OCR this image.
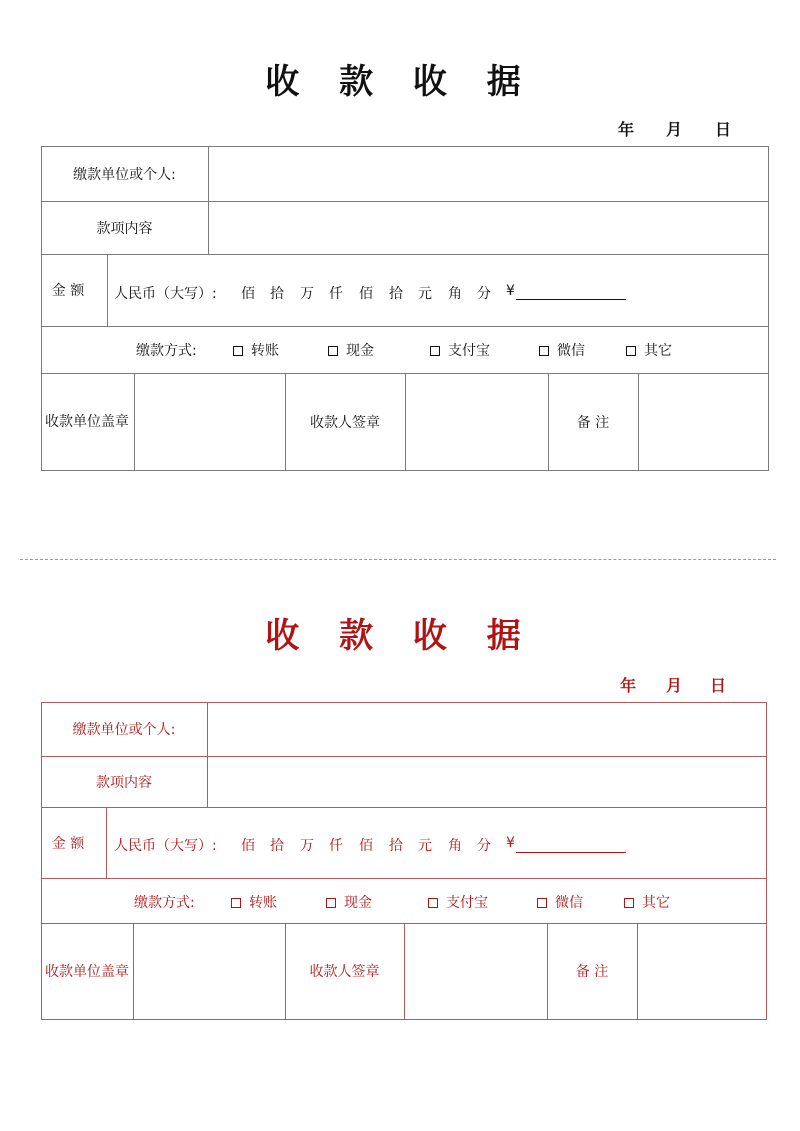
收 款 收 据
年 月 日
缴款单位或个人:
款项内容
金 额	人民币（大写）: 佰 拾 万 仟 佰 拾 元 角 分 ¥
缴款方式:	转账	现金	支付宝	微信	其它
收款单位盖章	收款人签章	备 注
收 款 收 据
年 月 日
缴款单位或个人:
款项内容
金 额	人民币（大写）: 佰 拾 万 仟 佰 拾 元 角 分 ¥
缴款方式:	转账	现金	支付宝	微信	其它
收款单位盖章	收款人签章	备 注
